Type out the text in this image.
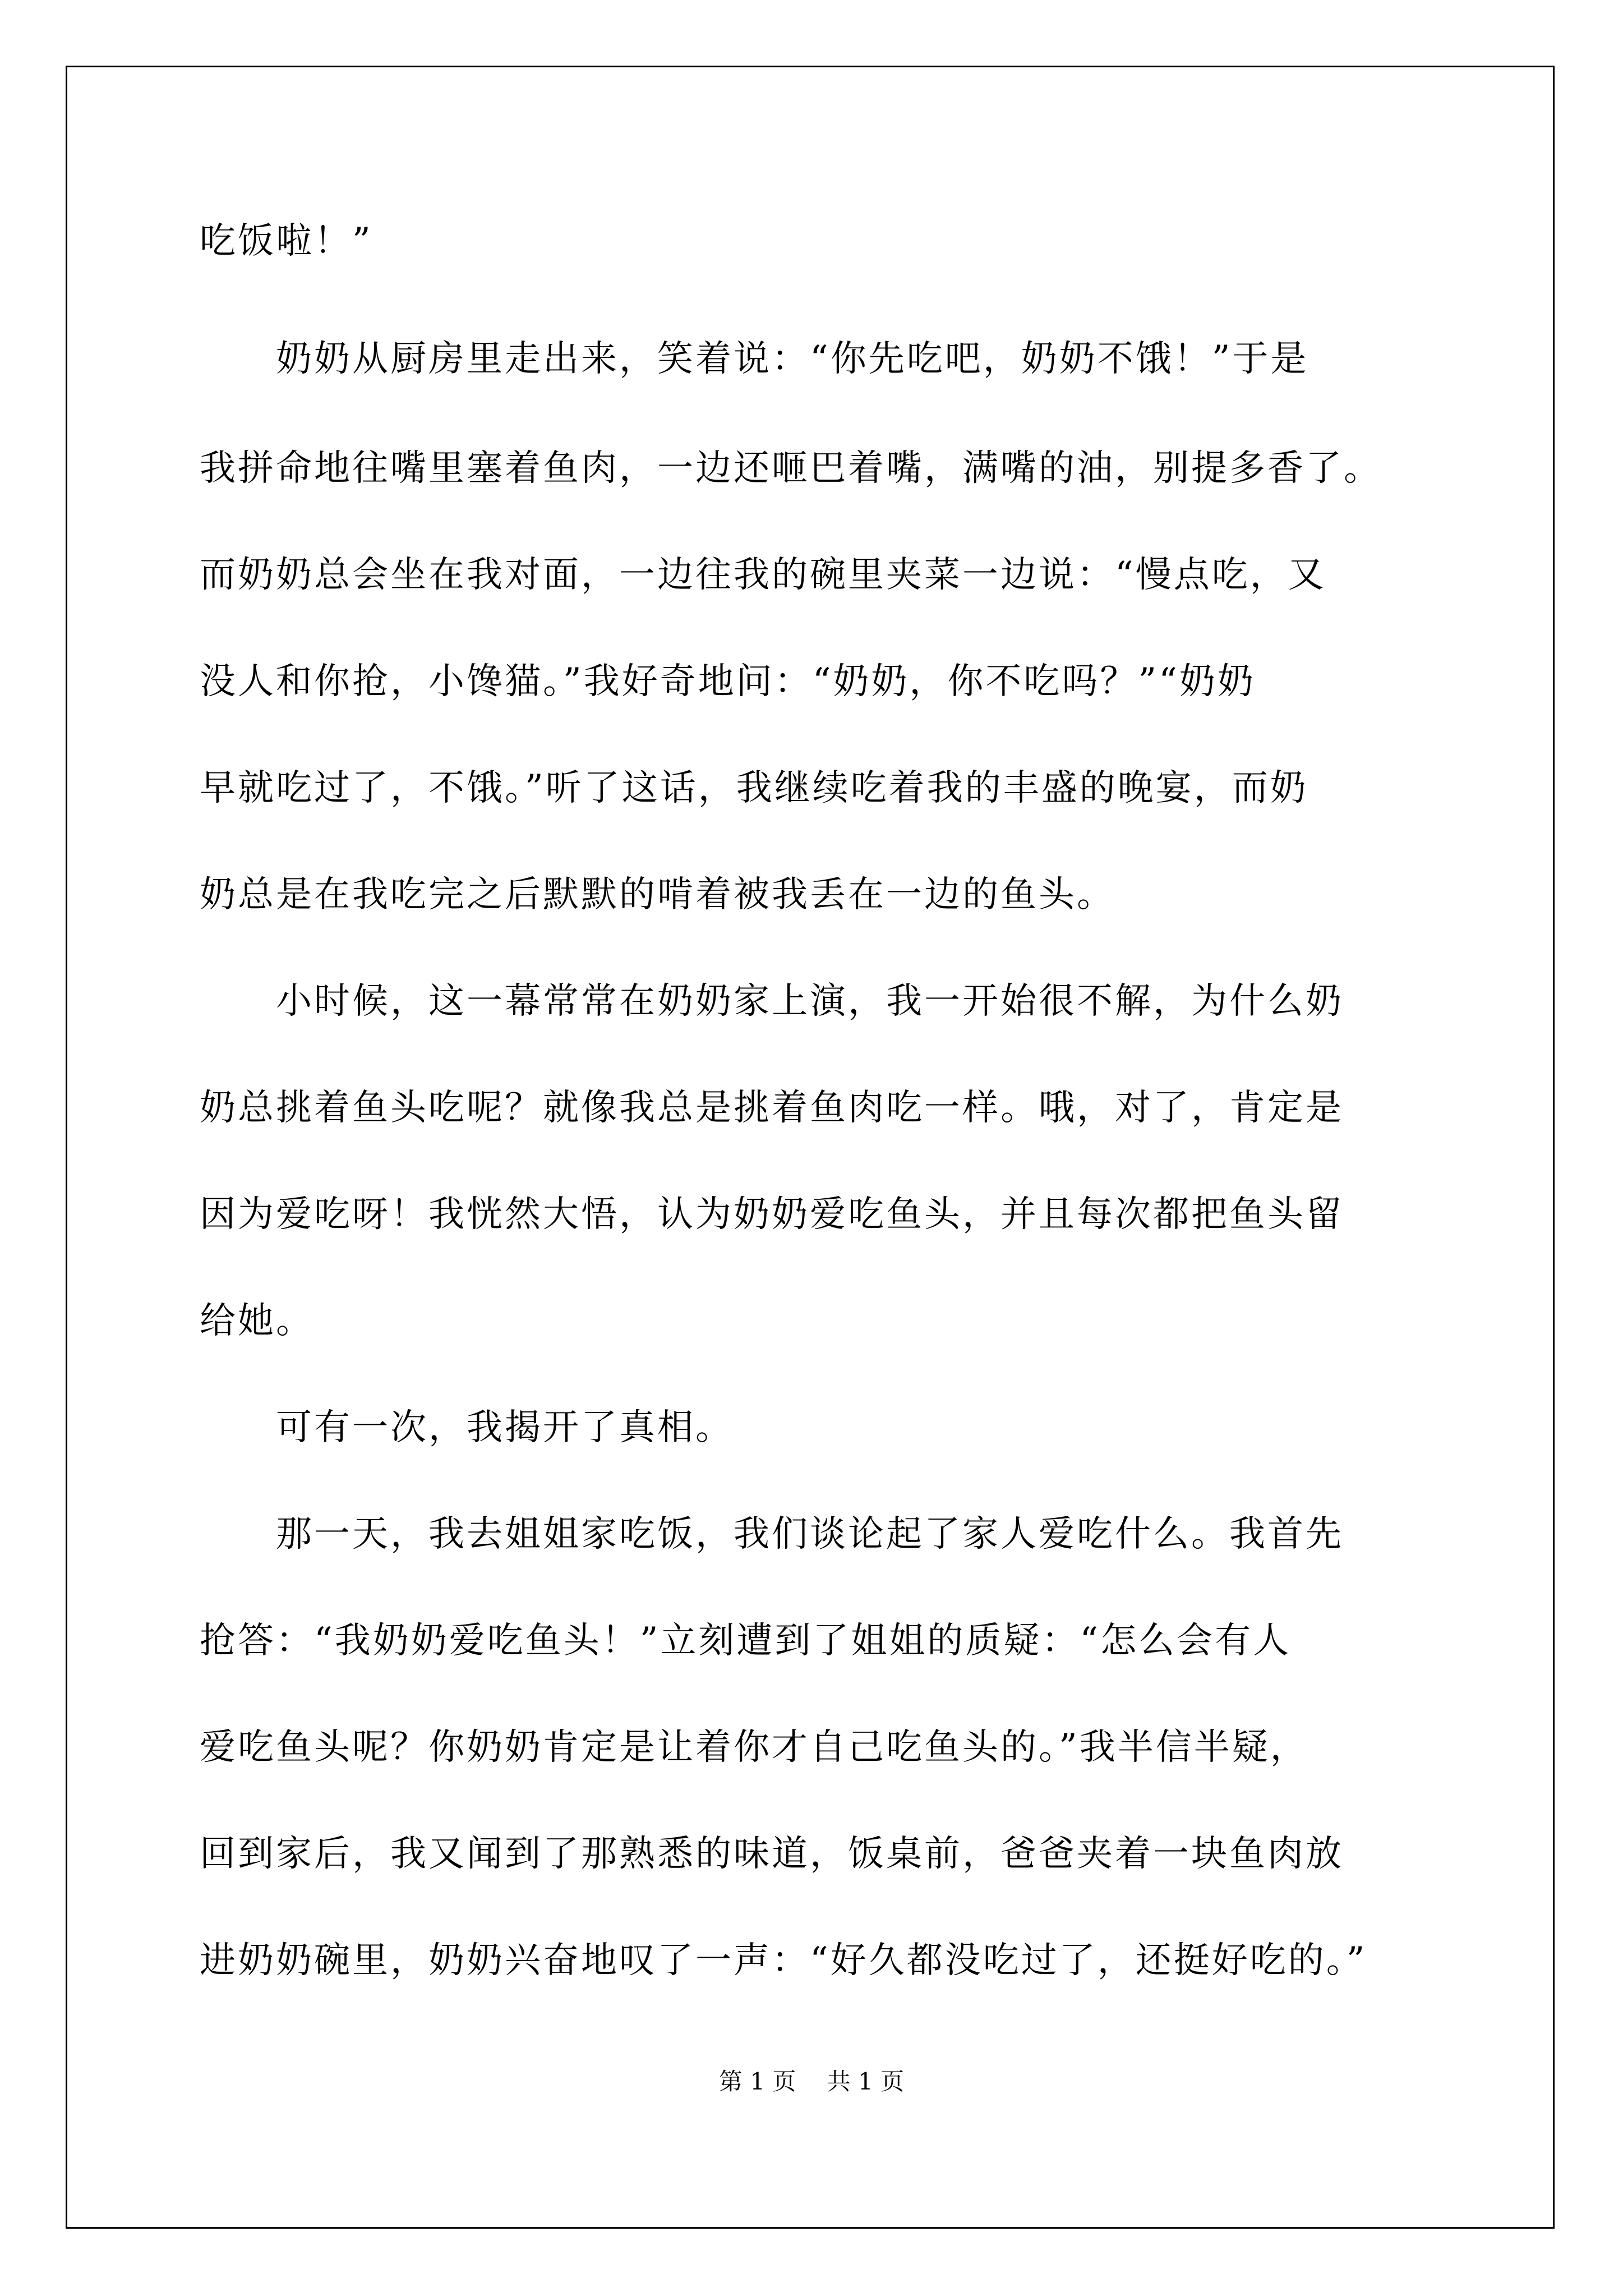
吃饭啦！”
　　奶奶从厨房里走出来，笑着说：“你先吃吧，奶奶不饿！”于是
我拼命地往嘴里塞着鱼肉，一边还咂巴着嘴，满嘴的油，别提多香了。
而奶奶总会坐在我对面，一边往我的碗里夹菜一边说：“慢点吃，又
没人和你抢，小馋猫。”我好奇地问：“奶奶，你不吃吗？”“奶奶
早就吃过了，不饿。”听了这话，我继续吃着我的丰盛的晚宴，而奶
奶总是在我吃完之后默默的啃着被我丢在一边的鱼头。
　　小时候，这一幕常常在奶奶家上演，我一开始很不解，为什么奶
奶总挑着鱼头吃呢？就像我总是挑着鱼肉吃一样。哦，对了，肯定是
因为爱吃呀！我恍然大悟，认为奶奶爱吃鱼头，并且每次都把鱼头留
给她。
　　可有一次，我揭开了真相。
　　那一天，我去姐姐家吃饭，我们谈论起了家人爱吃什么。我首先
抢答：“我奶奶爱吃鱼头！”立刻遭到了姐姐的质疑：“怎么会有人
爱吃鱼头呢？你奶奶肯定是让着你才自己吃鱼头的。”我半信半疑，
回到家后，我又闻到了那熟悉的味道，饭桌前，爸爸夹着一块鱼肉放
进奶奶碗里，奶奶兴奋地叹了一声：“好久都没吃过了，还挺好吃的。”
第 1 页　 共 1 页
